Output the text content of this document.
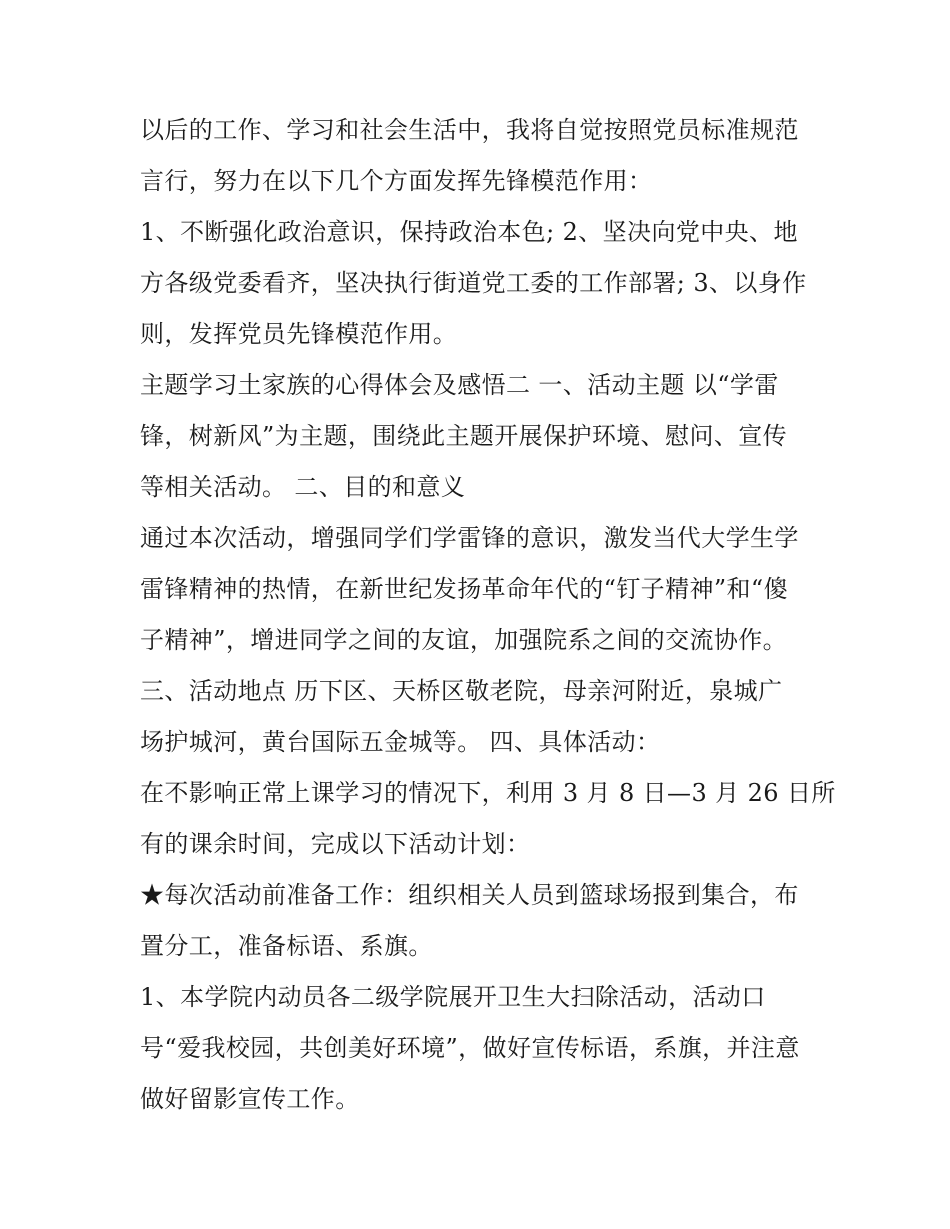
以后的工作、学习和社会生活中，我将自觉按照党员标准规范
言行，努力在以下几个方面发挥先锋模范作用：
1、不断强化政治意识，保持政治本色; 2、坚决向党中央、地
方各级党委看齐，坚决执行街道党工委的工作部署; 3、以身作
则，发挥党员先锋模范作用。
主题学习土家族的心得体会及感悟二 一、活动主题 以“学雷
锋，树新风”为主题，围绕此主题开展保护环境、慰问、宣传
等相关活动。 二、目的和意义
通过本次活动，增强同学们学雷锋的意识，激发当代大学生学
雷锋精神的热情，在新世纪发扬革命年代的“钉子精神”和“傻
子精神”，增进同学之间的友谊，加强院系之间的交流协作。
三、活动地点 历下区、天桥区敬老院，母亲河附近，泉城广
场护城河，黄台国际五金城等。 四、具体活动：
在不影响正常上课学习的情况下，利用 3 月 8 日—3 月 26 日所
有的课余时间，完成以下活动计划：
★每次活动前准备工作：组织相关人员到篮球场报到集合，布
置分工，准备标语、系旗。
1、本学院内动员各二级学院展开卫生大扫除活动，活动口
号“爱我校园，共创美好环境”，做好宣传标语，系旗，并注意
做好留影宣传工作。
